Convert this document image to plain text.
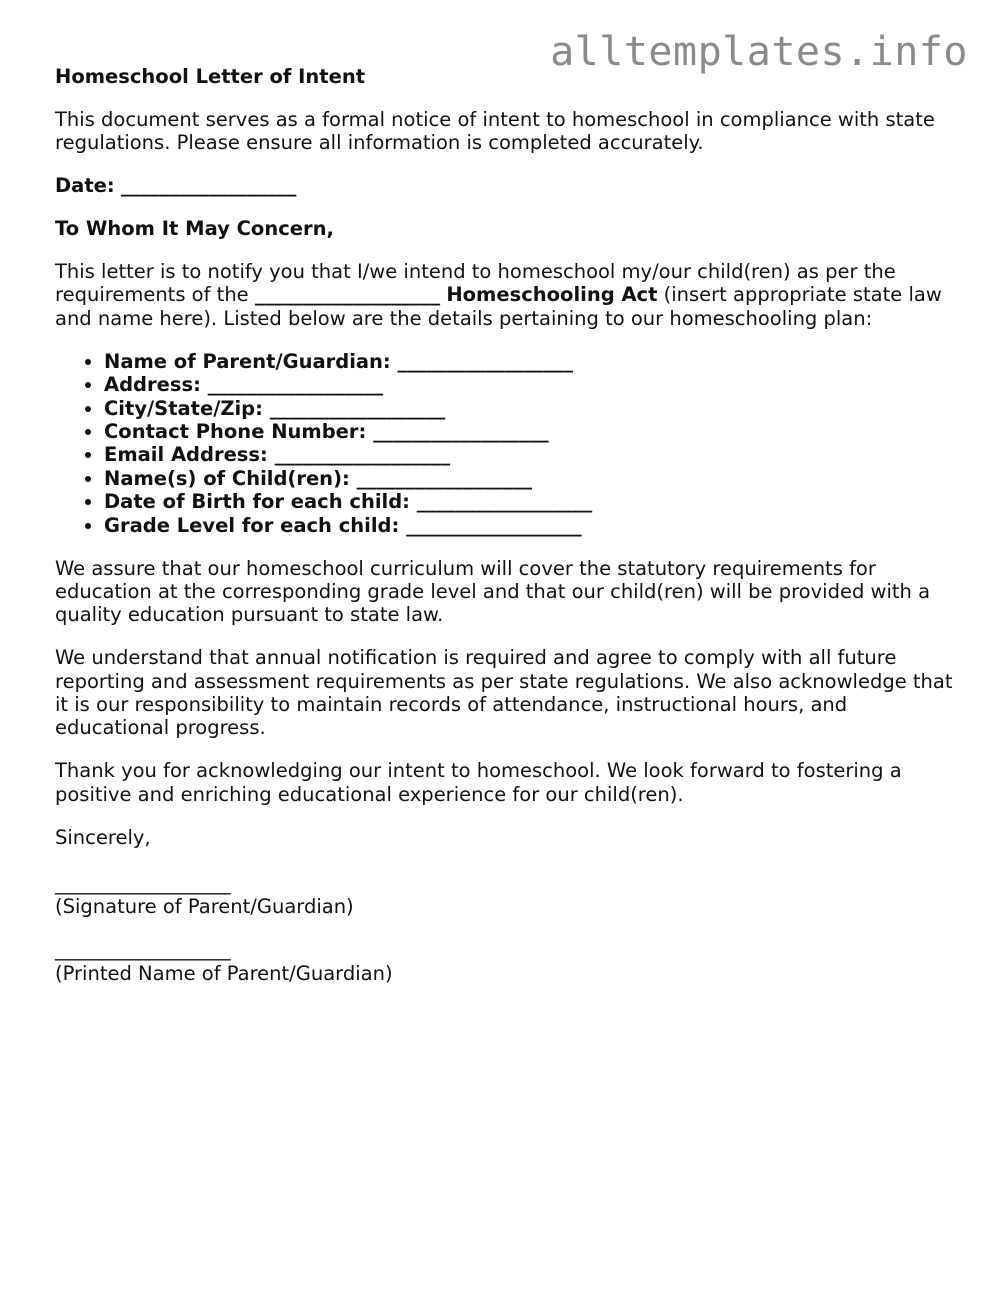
alltemplates.info

Homeschool Letter of Intent

This document serves as a formal notice of intent to homeschool in compliance with state regulations. Please ensure all information is completed accurately.

Date: __________________

To Whom It May Concern,

This letter is to notify you that I/we intend to homeschool my/our child(ren) as per the requirements of the ___________________ Homeschooling Act (insert appropriate state law and name here). Listed below are the details pertaining to our homeschooling plan:

• Name of Parent/Guardian: __________________
• Address: __________________
• City/State/Zip: __________________
• Contact Phone Number: __________________
• Email Address: __________________
• Name(s) of Child(ren): __________________
• Date of Birth for each child: __________________
• Grade Level for each child: __________________

We assure that our homeschool curriculum will cover the statutory requirements for education at the corresponding grade level and that our child(ren) will be provided with a quality education pursuant to state law.

We understand that annual notification is required and agree to comply with all future reporting and assessment requirements as per state regulations. We also acknowledge that it is our responsibility to maintain records of attendance, instructional hours, and educational progress.

Thank you for acknowledging our intent to homeschool. We look forward to fostering a positive and enriching educational experience for our child(ren).

Sincerely,

__________________
(Signature of Parent/Guardian)
__________________
(Printed Name of Parent/Guardian)
